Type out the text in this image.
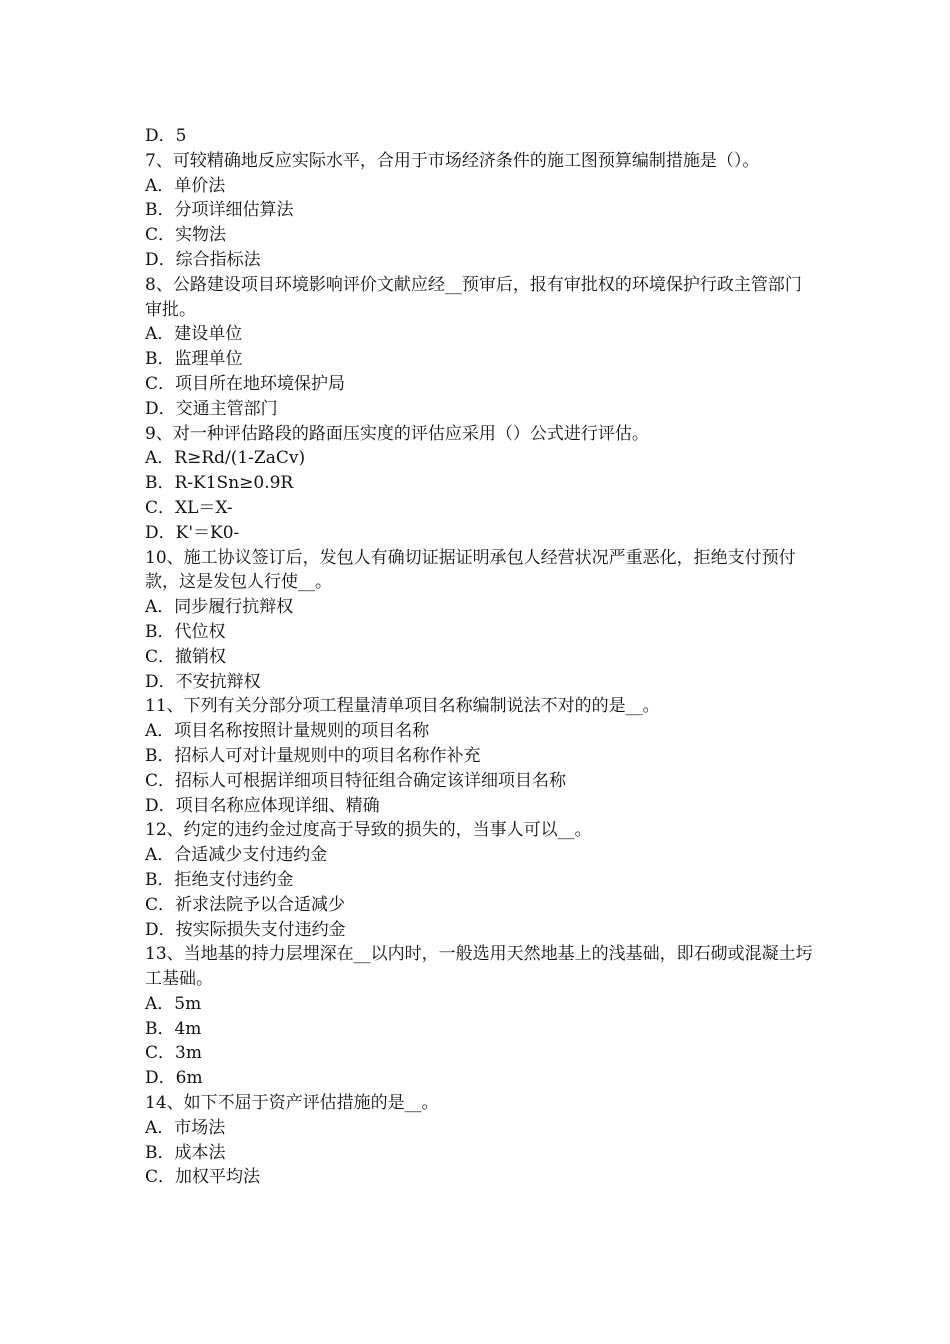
D．5

7、可较精确地反应实际水平，合用于市场经济条件的施工图预算编制措施是（）。

A．单价法

B．分项详细估算法

C．实物法

D．综合指标法

8、公路建设项目环境影响评价文献应经__预审后，报有审批权的环境保护行政主管部门审批。

A．建设单位

B．监理单位

C．项目所在地环境保护局

D．交通主管部门

9、对一种评估路段的路面压实度的评估应采用（）公式进行评估。

A．R≥Rd/(1-ZaCv)

B．R-K1Sn≥0.9R

C．XL＝X-

D．K'＝K0-

10、施工协议签订后，发包人有确切证据证明承包人经营状况严重恶化，拒绝支付预付款，这是发包人行使__。

A．同步履行抗辩权

B．代位权

C．撤销权

D．不安抗辩权

11、下列有关分部分项工程量清单项目名称编制说法不对的的是__。

A．项目名称按照计量规则的项目名称

B．招标人可对计量规则中的项目名称作补充

C．招标人可根据详细项目特征组合确定该详细项目名称

D．项目名称应体现详细、精确

12、约定的违约金过度高于导致的损失的，当事人可以__。

A．合适减少支付违约金

B．拒绝支付违约金

C．祈求法院予以合适减少

D．按实际损失支付违约金

13、当地基的持力层埋深在__以内时，一般选用天然地基上的浅基础，即石砌或混凝土圬工基础。

A．5m

B．4m

C．3m

D．6m

14、如下不屈于资产评估措施的是__。

A．市场法

B．成本法

C．加权平均法
